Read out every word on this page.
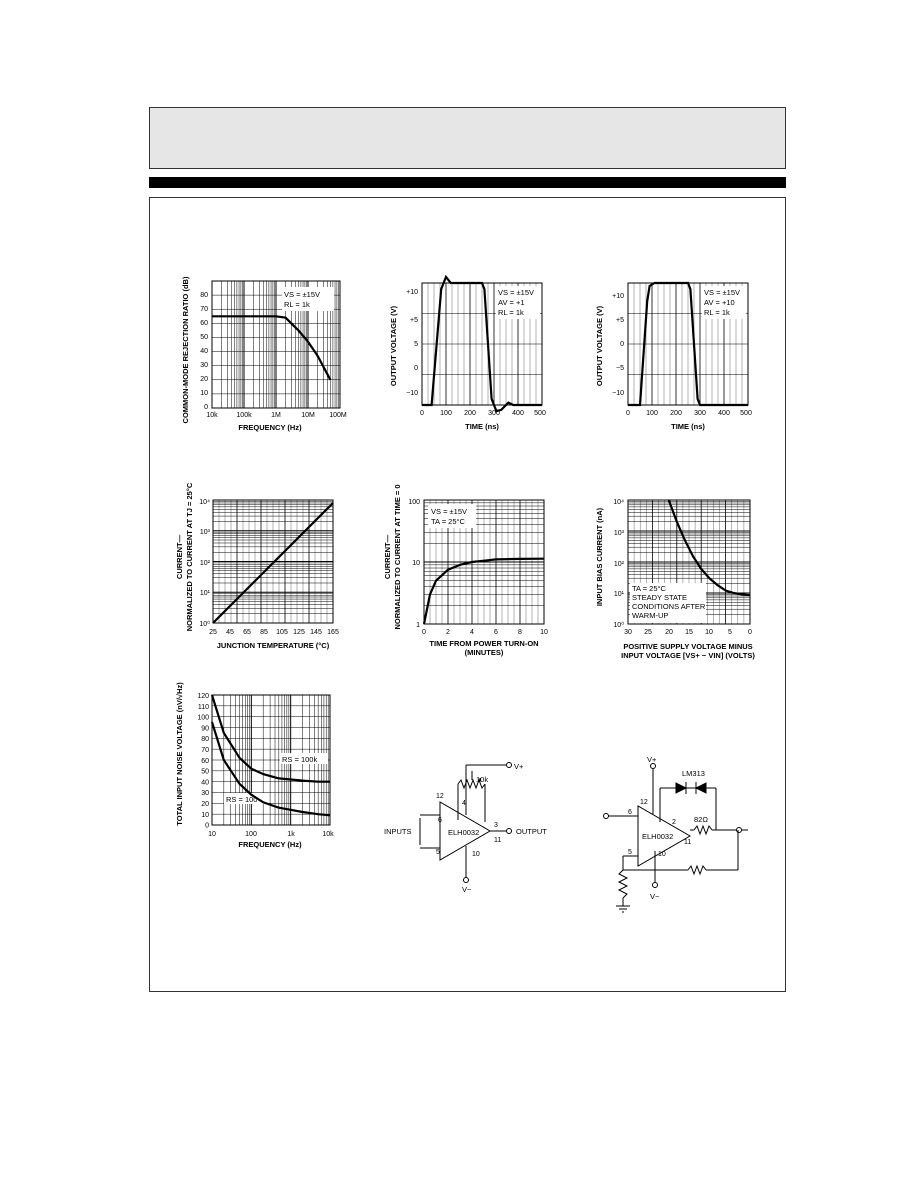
COMMON-MODE REJECTION RATIO (dB) 80
70
60
50
40
30
20
10
0
10k	100k	1M	10M 100M
FREQUENCY (Hz)
VS = ±15V
RL = 1k
OUTPUT VOLTAGE (V)
+10
+5
5
0
−10
0 100 200 300 400 500
TIME (ns)
VS = ±15V
AV = +1
RL = 1k	OUTPUT VOLTAGE (V)
+10
+5
0
−5
−10
0 100 200 300 400 500
TIME (ns)
VS = ±15V
AV = +10
RL = 1k
CURRENT— NORMALIZED TO CURRENT AT TJ = 25°C 10⁴
10³
10²
10¹
10⁰
25 45 65 85 105 125 145 165
JUNCTION TEMPERATURE (°C)
CURRENT— NORMALIZED TO CURRENT AT TIME = 0 100
10
1
0	2	4	6	8	10
TIME FROM POWER TURN-ON
(MINUTES)
VS = ±15V
TA = 25°C	INPUT BIAS CURRENT (nA)
10⁴
10³
10²
10¹
10⁰
30 25 20 15 10 5 0
POSITIVE SUPPLY VOLTAGE MINUS
INPUT VOLTAGE [VS+ − VIN] (VOLTS)
TA = 25°C
STEADY STATE
CONDITIONS AFTER
WARM-UP
TOTAL INPUT NOISE VOLTAGE (nV/√Hz) 120
110
100
90
80
70
60
50
40
30
20
10
0
10	100	1k	10k
FREQUENCY (Hz)
RS = 100k
RS = 100
10k
V+
V−
INPUTS	OUTPUT
ELH0032
12
4
6
5
3
11
10
V+
V−
LM313
82Ω
ELH0032
12
6
5
2
11
10
